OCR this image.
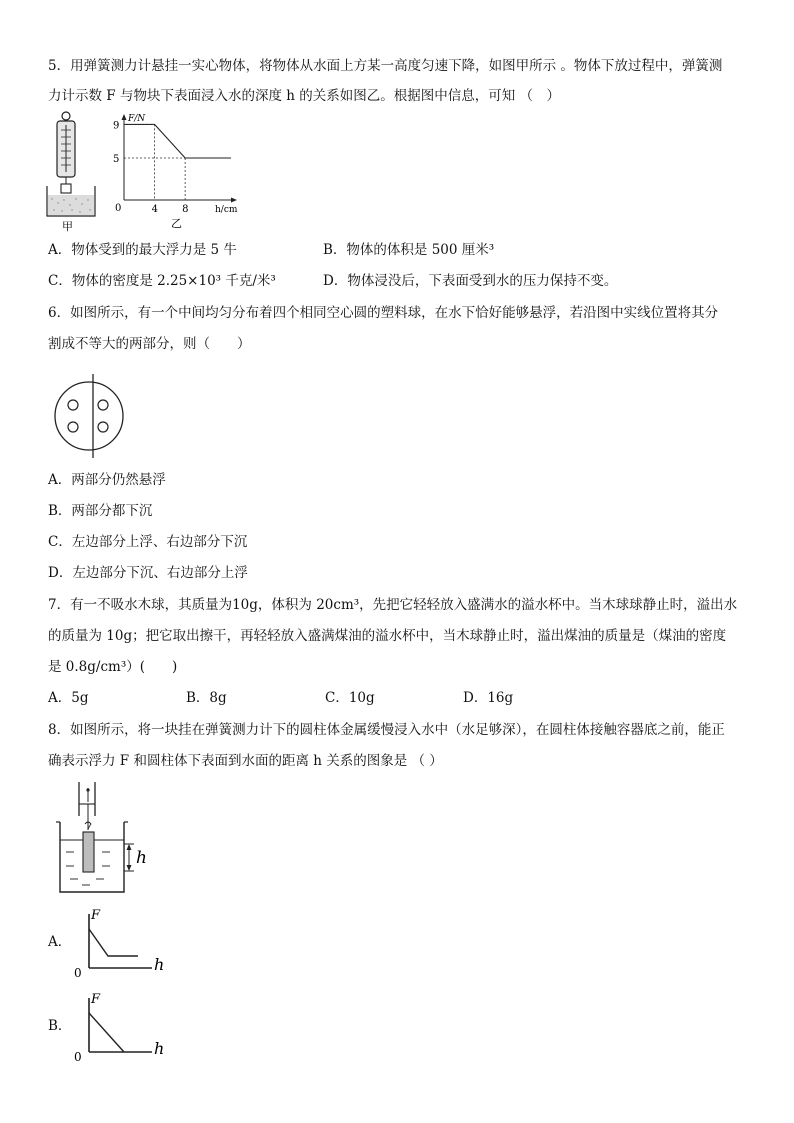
5．用弹簧测力计悬挂一实心物体，将物体从水面上方某一高度匀速下降，如图甲所示 。物体下放过程中，弹簧测
力计示数 F 与物块下表面浸入水的深度 h 的关系如图乙。根据图中信息，可知 （　）
甲
F/N
h/cm
0
9
5
4 8
乙
A．物体受到的最大浮力是 5 牛	B．物体的体积是 500 厘米³
C．物体的密度是 2.25×10³ 千克/米³	D．物体浸没后，下表面受到水的压力保持不变。
6．如图所示，有一个中间均匀分布着四个相同空心圆的塑料球，在水下恰好能够悬浮，若沿图中实线位置将其分
割成不等大的两部分，则（　　）
A．两部分仍然悬浮
B．两部分都下沉
C．左边部分上浮、右边部分下沉
D．左边部分下沉、右边部分上浮
7．有一不吸水木球，其质量为10g，体积为 20cm³，先把它轻轻放入盛满水的溢水杯中。当木球球静止时，溢出水
的质量为 10g；把它取出擦干，再轻轻放入盛满煤油的溢水杯中，当木球静止时，溢出煤油的质量是（煤油的密度
是 0.8g/cm³）(　　)
A．5g	B．8g	C．10g	D．16g
8．如图所示，将一块挂在弹簧测力计下的圆柱体金属缓慢浸入水中（水足够深），在圆柱体接触容器底之前，能正
确表示浮力 F 和圆柱体下表面到水面的距离 h 关系的图象是 （ ）
h
A．
F
h
0
B．
F
h
0
